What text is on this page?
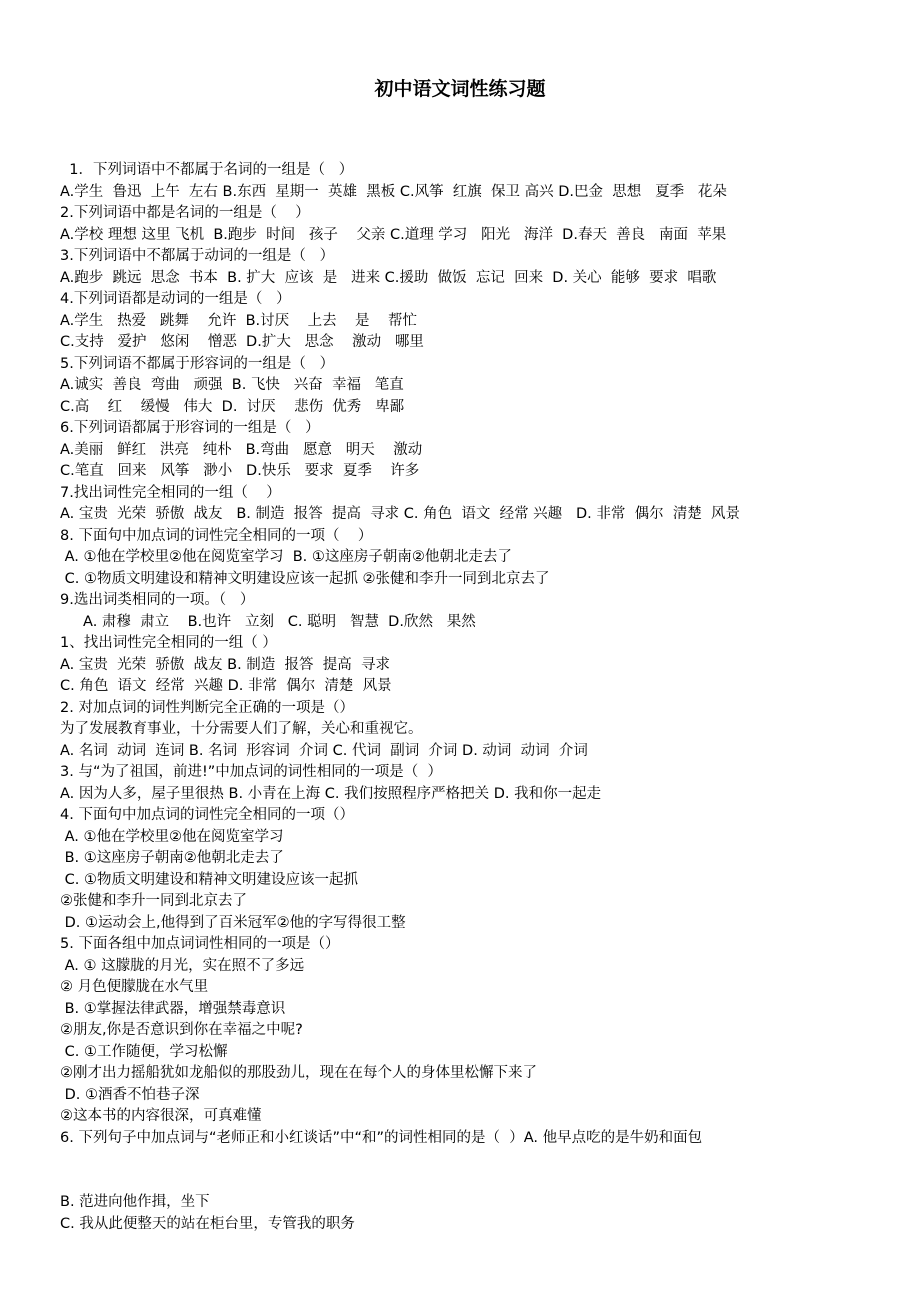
初中语文词性练习题
1．下列词语中不都属于名词的一组是（   ）
A.学生  鲁迅  上午  左右 B.东西  星期一  英雄  黑板 C.风筝  红旗  保卫 高兴 D.巴金  思想   夏季   花朵
2.下列词语中都是名词的一组是（    ）
A.学校 理想 这里 飞机  B.跑步  时间   孩子    父亲 C.道理 学习   阳光   海洋  D.春天  善良   南面  苹果
3.下列词语中不都属于动词的一组是（   ）
A.跑步  跳远  思念  书本  B. 扩大  应该  是   进来 C.援助  做饭  忘记  回来  D. 关心  能够  要求  唱歌
4.下列词语都是动词的一组是（   ）
A.学生   热爱   跳舞    允许  B.讨厌    上去    是    帮忙
C.支持   爱护   悠闲    憎恶  D.扩大   思念    激动   哪里
5.下列词语不都属于形容词的一组是（   ）
A.诚实  善良  弯曲   顽强  B. 飞快   兴奋  幸福   笔直
C.高    红    缓慢   伟大  D.  讨厌    悲伤  优秀   卑鄙
6.下列词语都属于形容词的一组是（   ）
A.美丽   鲜红   洪亮   纯朴   B.弯曲   愿意   明天    激动
C.笔直   回来   风筝   渺小   D.快乐   要求  夏季    许多
7.找出词性完全相同的一组（    ）
A. 宝贵  光荣  骄傲  战友   B. 制造  报答  提高  寻求 C. 角色  语文  经常 兴趣   D. 非常  偶尔  清楚  风景
8. 下面句中加点词的词性完全相同的一项（    ）
A. ①他在学校里②他在阅览室学习  B. ①这座房子朝南②他朝北走去了
C. ①物质文明建设和精神文明建设应该一起抓 ②张健和李升一同到北京去了
9.选出词类相同的一项。（   ）
A. 肃穆  肃立    B.也许   立刻   C. 聪明   智慧  D.欣然   果然
1、找出词性完全相同的一组（ ）
A. 宝贵  光荣  骄傲  战友 B. 制造  报答  提高  寻求
C. 角色  语文  经常  兴趣 D. 非常  偶尔  清楚  风景
2. 对加点词的词性判断完全正确的一项是（）
为了发展教育事业，十分需要人们了解，关心和重视它。
A. 名词  动词  连词 B. 名词  形容词  介词 C. 代词  副词  介词 D. 动词  动词  介词
3. 与“为了祖国，前进!”中加点词的词性相同的一项是（  ）
A. 因为人多，屋子里很热 B. 小青在上海 C. 我们按照程序严格把关 D. 我和你一起走
4. 下面句中加点词的词性完全相同的一项（）
A. ①他在学校里②他在阅览室学习
B. ①这座房子朝南②他朝北走去了
C. ①物质文明建设和精神文明建设应该一起抓
②张健和李升一同到北京去了
D. ①运动会上,他得到了百米冠军②他的字写得很工整
5. 下面各组中加点词词性相同的一项是（）
A. ① 这朦胧的月光，实在照不了多远
② 月色便朦胧在水气里
B. ①掌握法律武器，增强禁毒意识
②朋友,你是否意识到你在幸福之中呢?
C. ①工作随便，学习松懈
②刚才出力摇船犹如龙船似的那股劲儿，现在在每个人的身体里松懈下来了
D. ①酒香不怕巷子深
②这本书的内容很深，可真难懂
6. 下列句子中加点词与“老师正和小红谈话”中“和”的词性相同的是（  ）A. 他早点吃的是牛奶和面包
B. 范进向他作揖，坐下
C. 我从此便整天的站在柜台里，专管我的职务
